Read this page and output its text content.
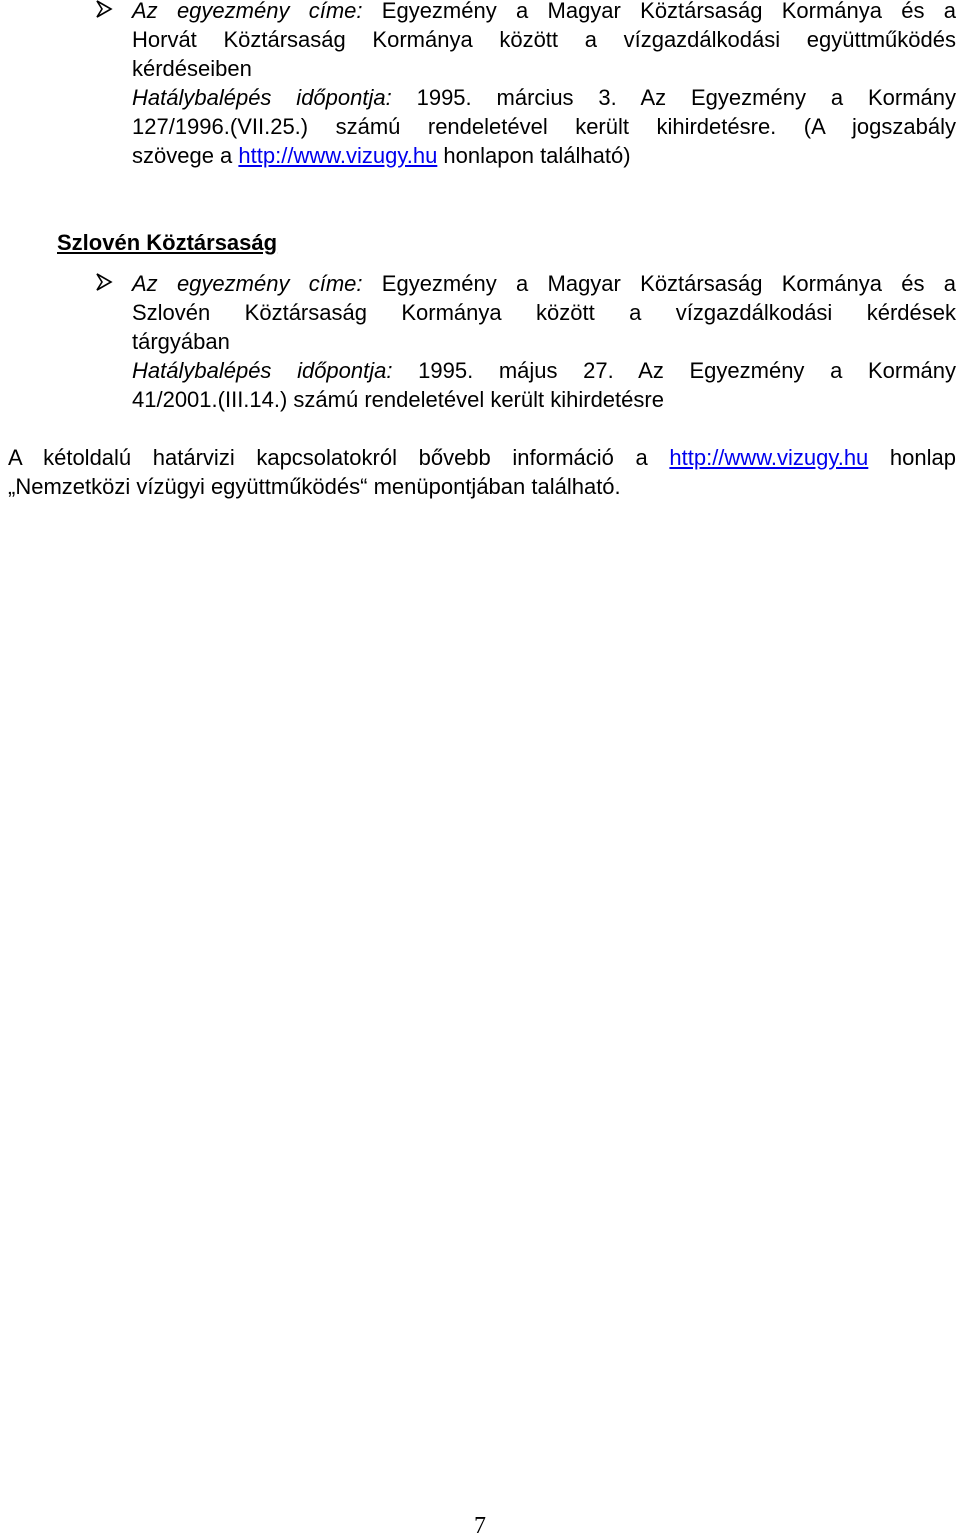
Az egyezmény címe: Egyezmény a Magyar Köztársaság Kormánya és a
Horvát Köztársaság Kormánya között a vízgazdálkodási együttműködés
kérdéseiben
Hatálybalépés időpontja: 1995. március 3. Az Egyezmény a Kormány
127/1996.(VII.25.) számú rendeletével került kihirdetésre. (A jogszabály
szövege a http://www.vizugy.hu honlapon található)
Szlovén Köztársaság
Az egyezmény címe: Egyezmény a Magyar Köztársaság Kormánya és a
Szlovén Köztársaság Kormánya között a vízgazdálkodási kérdések
tárgyában
Hatálybalépés időpontja: 1995. május 27. Az Egyezmény a Kormány
41/2001.(III.14.) számú rendeletével került kihirdetésre
A kétoldalú határvizi kapcsolatokról bővebb információ a http://www.vizugy.hu honlap
„Nemzetközi vízügyi együttműködés“ menüpontjában található.
7
